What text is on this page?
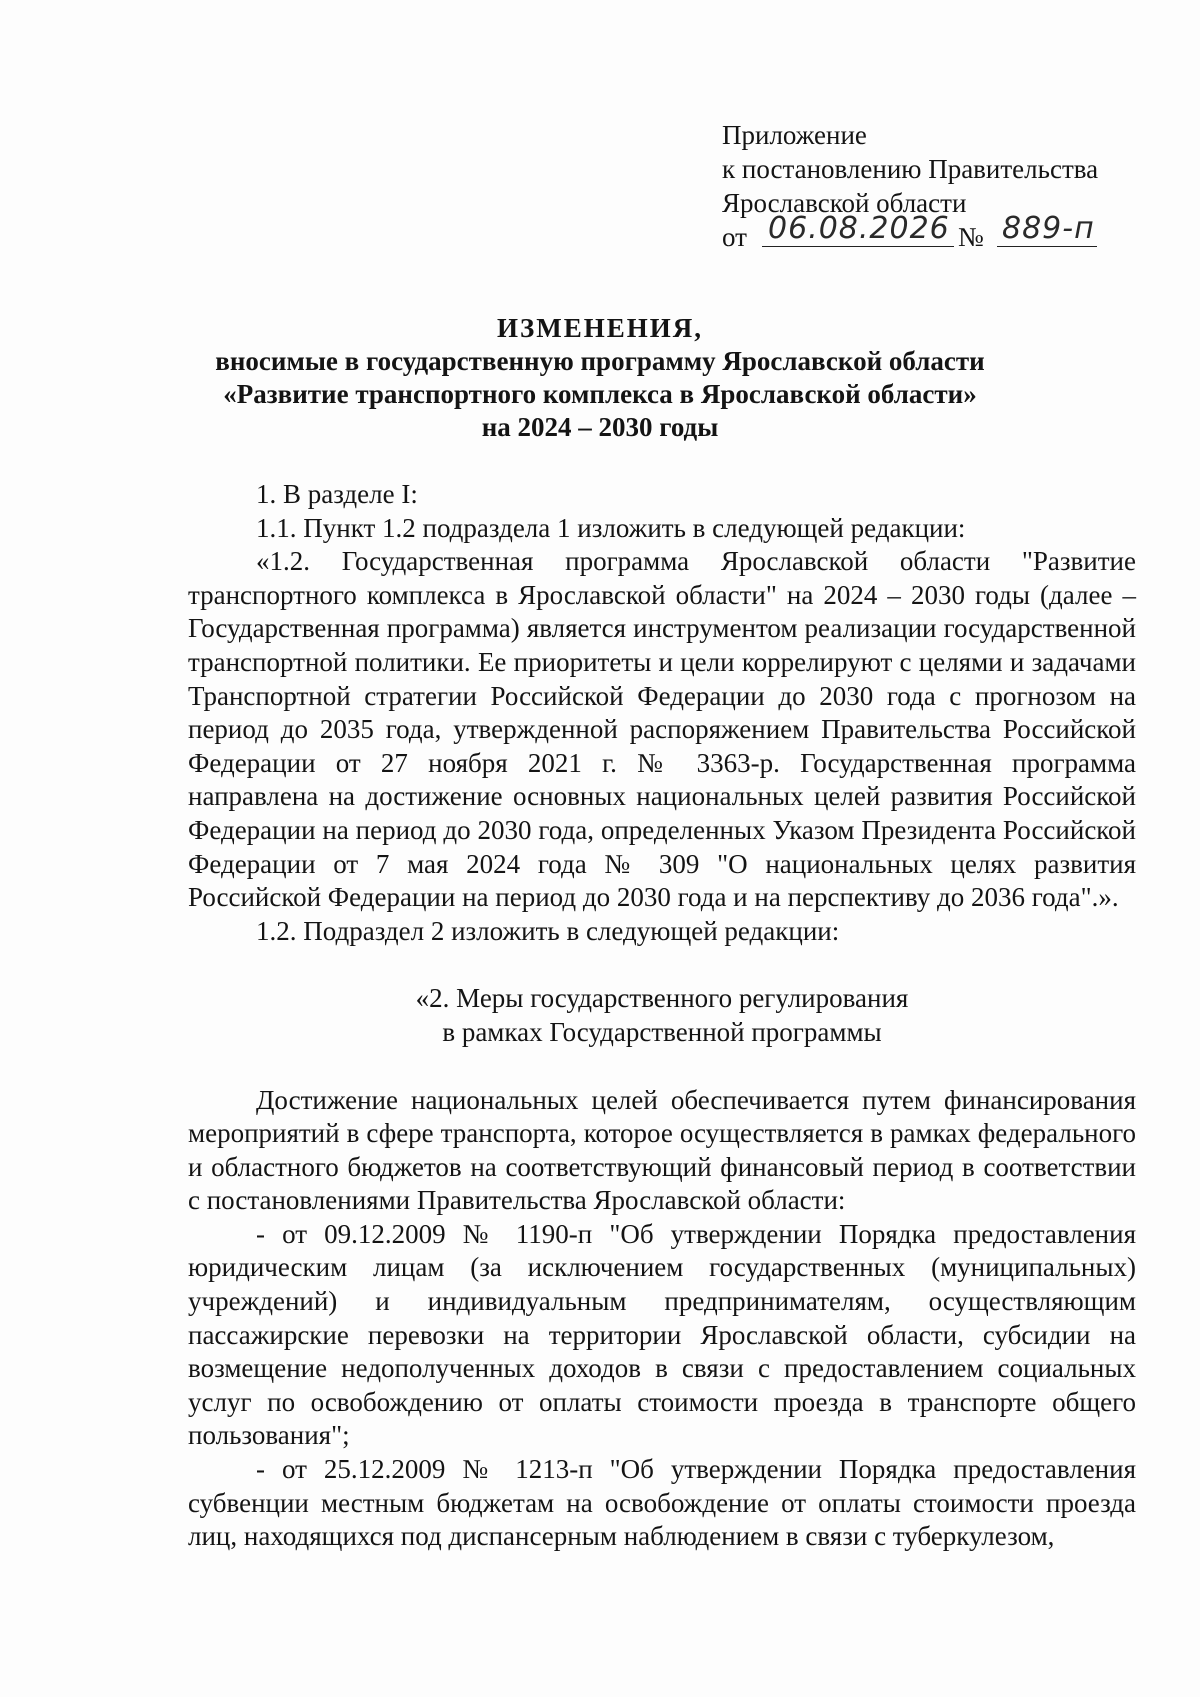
Приложение
к постановлению Правительства
Ярославской области
от 06.08.2026 № 889-п
ИЗМЕНЕНИЯ,
вносимые в государственную программу Ярославской области
«Развитие транспортного комплекса в Ярославской области»
на 2024 – 2030 годы

1. В разделе I:

1.1. Пункт 1.2 подраздела 1 изложить в следующей редакции:

«1.2. Государственная программа Ярославской области "Развитие транспортного комплекса в Ярославской области" на 2024 – 2030 годы (далее – Государственная программа) является инструментом реализации государственной транспортной политики. Ее приоритеты и цели коррелируют с целями и задачами Транспортной стратегии Российской Федерации до 2030 года с прогнозом на период до 2035 года, утвержденной распоряжением Правительства Российской Федерации от 27 ноября 2021 г. № 3363-р. Государственная программа направлена на достижение основных национальных целей развития Российской Федерации на период до 2030 года, определенных Указом Президента Российской Федерации от 7 мая 2024 года № 309 "О национальных целях развития Российской Федерации на период до 2030 года и на перспективу до 2036 года".».

1.2. Подраздел 2 изложить в следующей редакции:

«2. Меры государственного регулирования

в рамках Государственной программы

Достижение национальных целей обеспечивается путем финансирования мероприятий в сфере транспорта, которое осуществляется в рамках федерального и областного бюджетов на соответствующий финансовый период в соответствии с постановлениями Правительства Ярославской области:

- от 09.12.2009 № 1190-п "Об утверждении Порядка предоставления юридическим лицам (за исключением государственных (муниципальных) учреждений) и индивидуальным предпринимателям, осуществляющим пассажирские перевозки на территории Ярославской области, субсидии на возмещение недополученных доходов в связи с предоставлением социальных услуг по освобождению от оплаты стоимости проезда в транспорте общего пользования";

- от 25.12.2009 № 1213-п "Об утверждении Порядка предоставления субвенции местным бюджетам на освобождение от оплаты стоимости проезда лиц, находящихся под диспансерным наблюдением в связи с туберкулезом,
